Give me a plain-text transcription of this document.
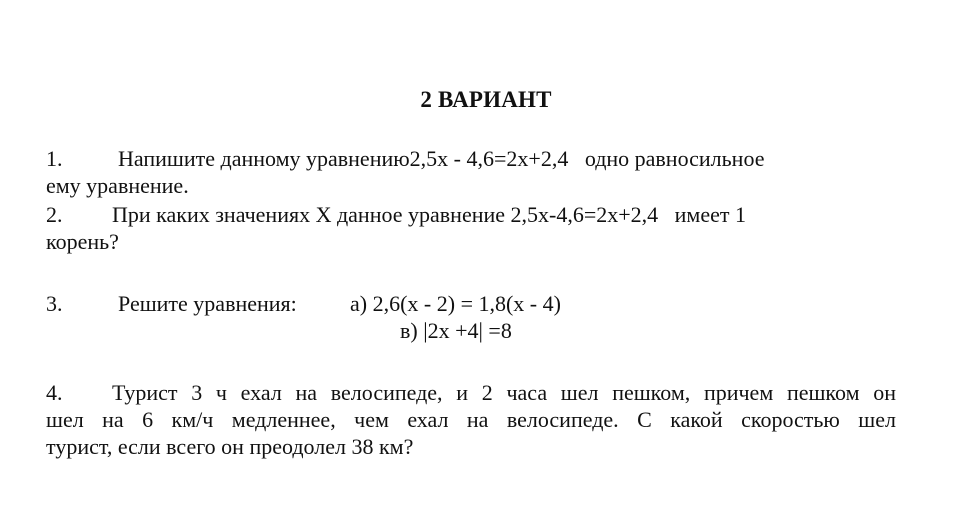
2 ВАРИАНТ
1.	Напишите данному уравнению2,5х - 4,6=2х+2,4   одно равносильное
ему уравнение.
2. При каких значениях Х данное уравнение 2,5х-4,6=2х+2,4   имеет 1
корень?
3.	Решите уравнения: а) 2,6(х - 2) = 1,8(х - 4)
в) |2х +4| =8
4. Турист 3 ч ехал на велосипеде, и 2 часа шел пешком, причем пешком он
шел на 6 км/ч медленнее, чем ехал на велосипеде. С какой скоростью шел
турист, если всего он преодолел 38 км?
